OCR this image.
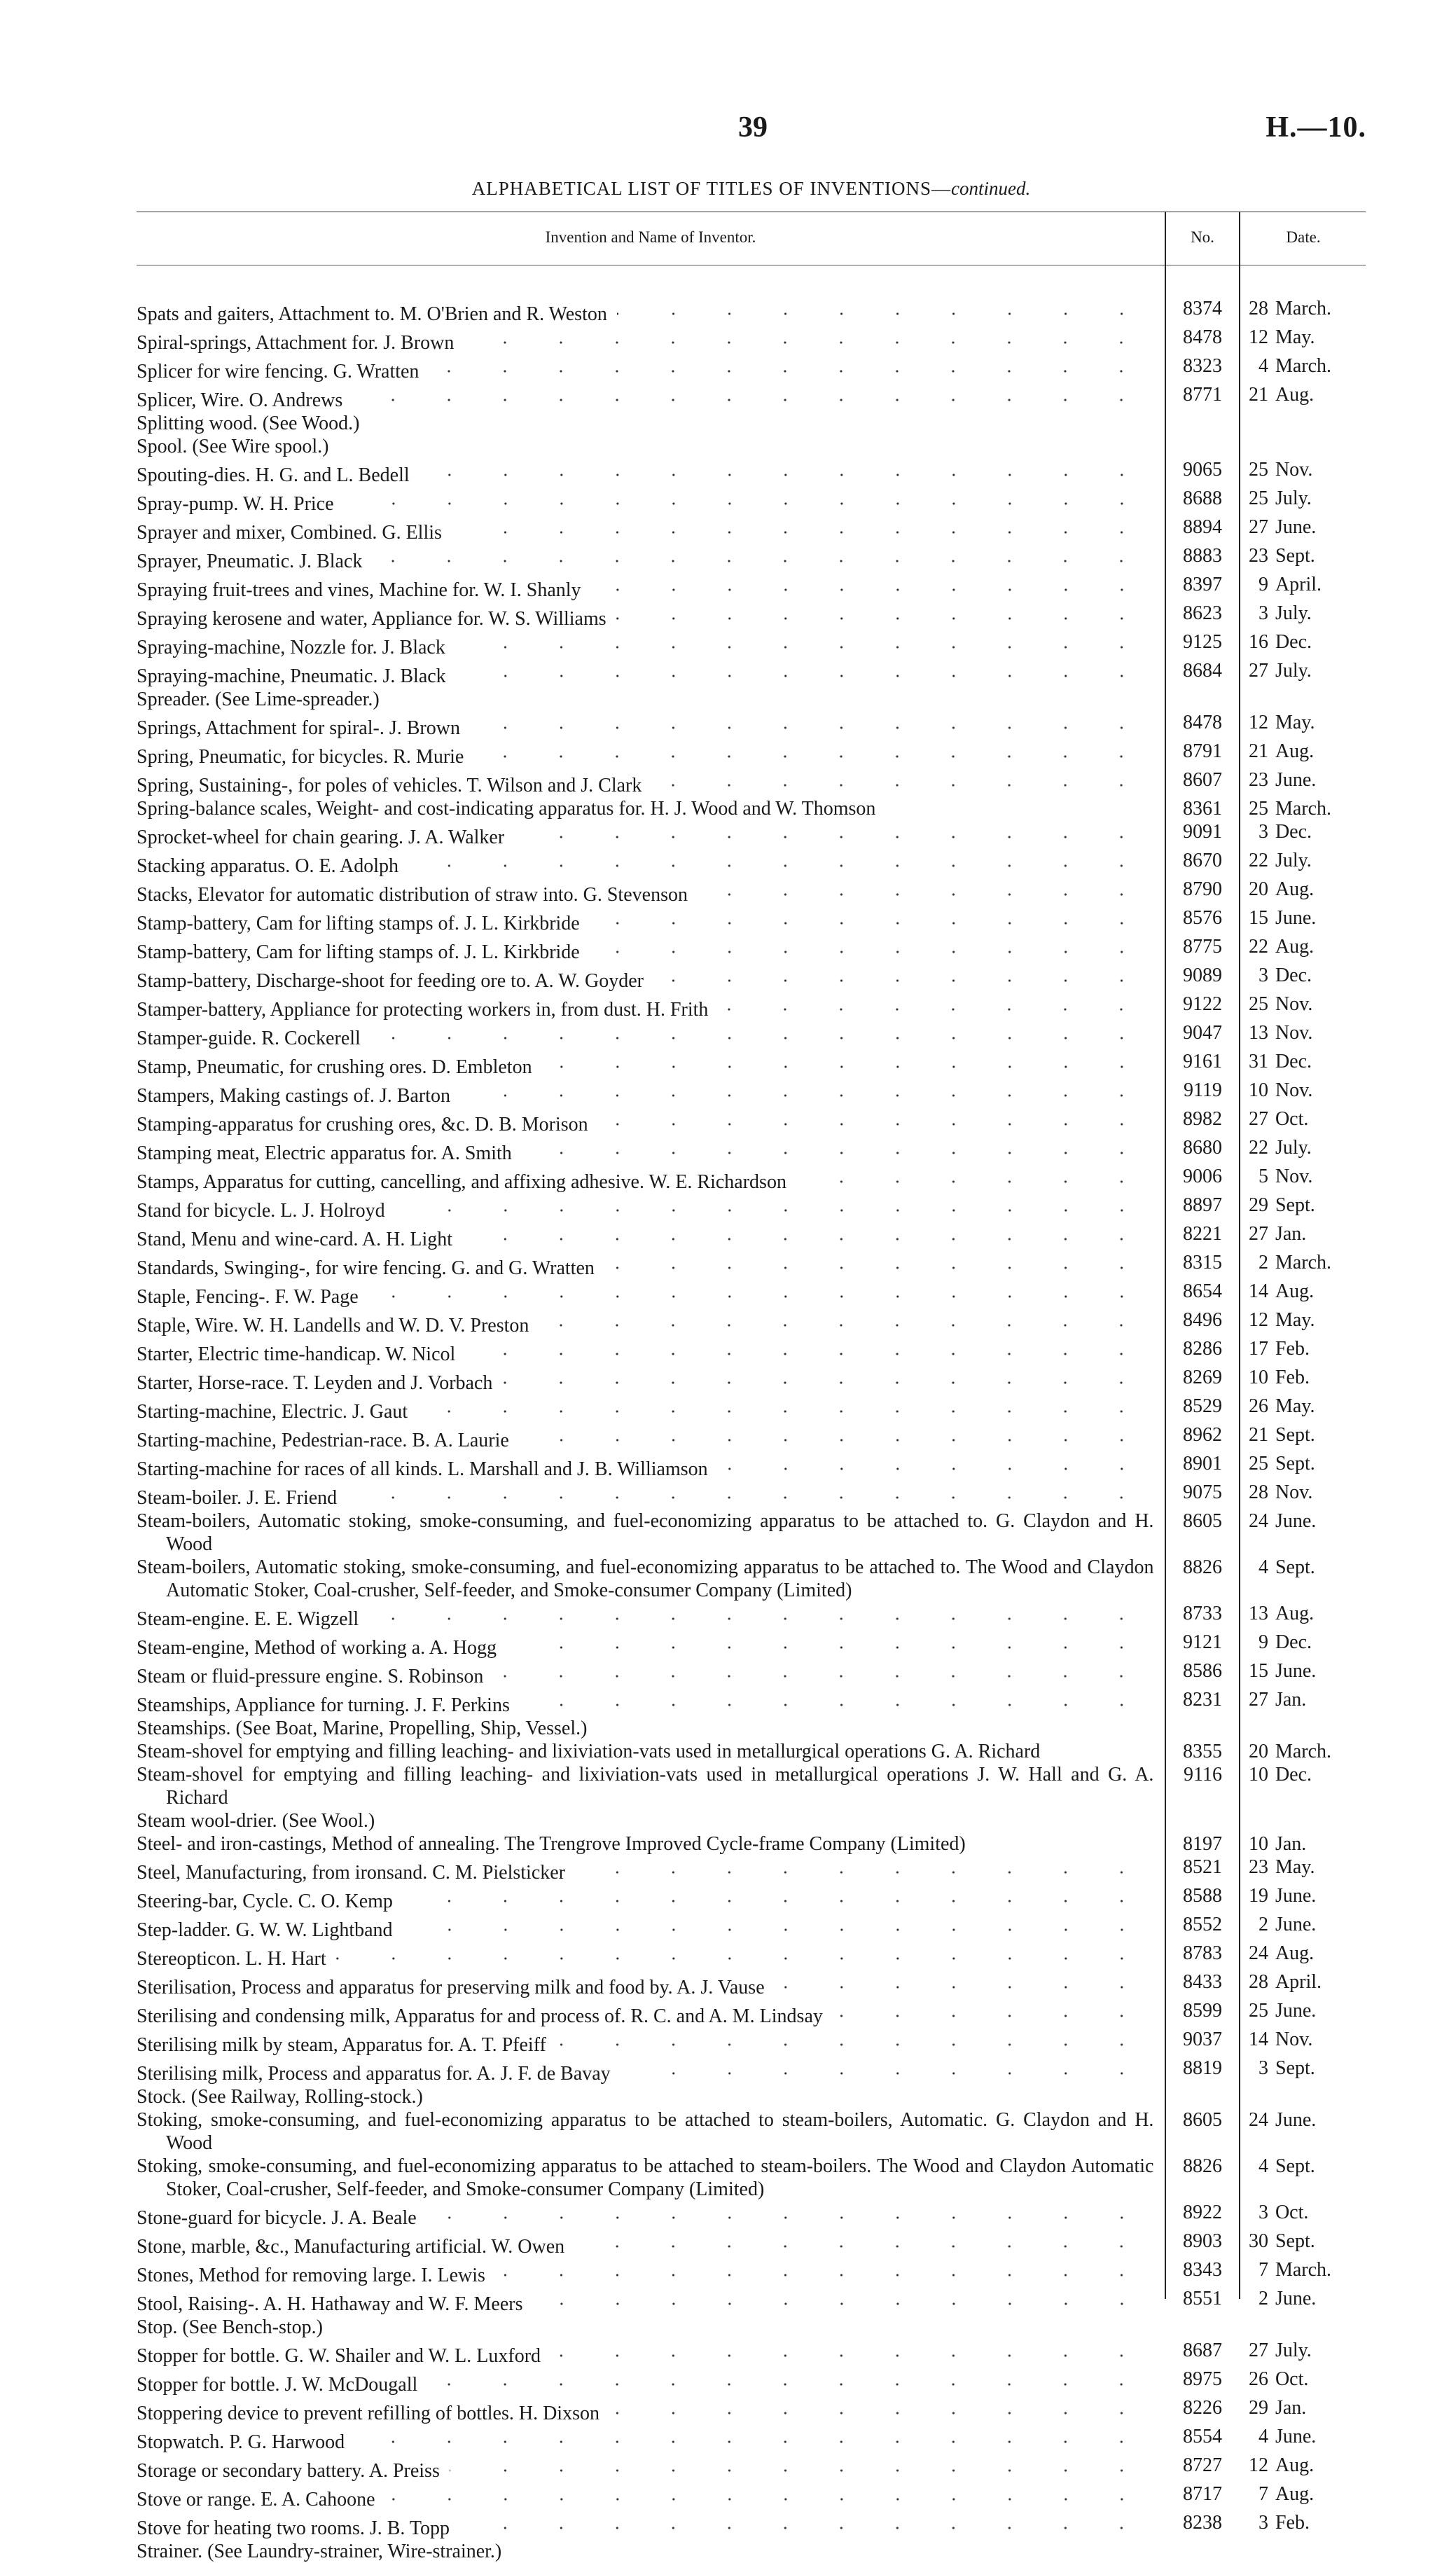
39	H.—10.
ALPHABETICAL LIST OF TITLES OF INVENTIONS—continued.
Invention and Name of Inventor.	No.	Date.
Spats and gaiters, Attachment to. M. O'Brien and R. Weston	8374	28 March.
Spiral-springs, Attachment for. J. Brown	8478	12 May.
Splicer for wire fencing. G. Wratten	8323	4 March.
Splicer, Wire. O. Andrews	8771	21 Aug.
Splitting wood. (See Wood.)
Spool. (See Wire spool.)
Spouting-dies. H. G. and L. Bedell	9065	25 Nov.
Spray-pump. W. H. Price	8688	25 July.
Sprayer and mixer, Combined. G. Ellis	8894	27 June.
Sprayer, Pneumatic. J. Black	8883	23 Sept.
Spraying fruit-trees and vines, Machine for. W. I. Shanly	8397	9 April.
Spraying kerosene and water, Appliance for. W. S. Williams	8623	3 July.
Spraying-machine, Nozzle for. J. Black	9125	16 Dec.
Spraying-machine, Pneumatic. J. Black	8684	27 July.
Spreader. (See Lime-spreader.)
Springs, Attachment for spiral-. J. Brown	8478	12 May.
Spring, Pneumatic, for bicycles. R. Murie	8791	21 Aug.
Spring, Sustaining-, for poles of vehicles. T. Wilson and J. Clark	8607	23 June.
Spring-balance scales, Weight- and cost-indicating apparatus for. H. J. Wood and W. Thomson	8361	25 March.
Sprocket-wheel for chain gearing. J. A. Walker	9091	3 Dec.
Stacking apparatus. O. E. Adolph	8670	22 July.
Stacks, Elevator for automatic distribution of straw into. G. Stevenson	8790	20 Aug.
Stamp-battery, Cam for lifting stamps of. J. L. Kirkbride	8576	15 June.
Stamp-battery, Cam for lifting stamps of. J. L. Kirkbride	8775	22 Aug.
Stamp-battery, Discharge-shoot for feeding ore to. A. W. Goyder	9089	3 Dec.
Stamper-battery, Appliance for protecting workers in, from dust. H. Frith	9122	25 Nov.
Stamper-guide. R. Cockerell	9047	13 Nov.
Stamp, Pneumatic, for crushing ores. D. Embleton	9161	31 Dec.
Stampers, Making castings of. J. Barton	9119	10 Nov.
Stamping-apparatus for crushing ores, &c. D. B. Morison	8982	27 Oct.
Stamping meat, Electric apparatus for. A. Smith	8680	22 July.
Stamps, Apparatus for cutting, cancelling, and affixing adhesive. W. E. Richardson	9006	5 Nov.
Stand for bicycle. L. J. Holroyd	8897	29 Sept.
Stand, Menu and wine-card. A. H. Light	8221	27 Jan.
Standards, Swinging-, for wire fencing. G. and G. Wratten	8315	2 March.
Staple, Fencing-. F. W. Page	8654	14 Aug.
Staple, Wire. W. H. Landells and W. D. V. Preston	8496	12 May.
Starter, Electric time-handicap. W. Nicol	8286	17 Feb.
Starter, Horse-race. T. Leyden and J. Vorbach	8269	10 Feb.
Starting-machine, Electric. J. Gaut	8529	26 May.
Starting-machine, Pedestrian-race. B. A. Laurie	8962	21 Sept.
Starting-machine for races of all kinds. L. Marshall and J. B. Williamson	8901	25 Sept.
Steam-boiler. J. E. Friend	9075	28 Nov.
Steam-boilers, Automatic stoking, smoke-consuming, and fuel-economizing apparatus to be attached to. G. Claydon and H. Wood
8605	24 June.
Steam-boilers, Automatic stoking, smoke-consuming, and fuel-economizing apparatus to be attached to. The Wood and Claydon Automatic Stoker, Coal-crusher, Self-feeder, and Smoke-consumer Company (Limited)
8826	4 Sept.
Steam-engine. E. E. Wigzell	8733	13 Aug.
Steam-engine, Method of working a. A. Hogg	9121	9 Dec.
Steam or fluid-pressure engine. S. Robinson	8586	15 June.
Steamships, Appliance for turning. J. F. Perkins	8231	27 Jan.
Steamships. (See Boat, Marine, Propelling, Ship, Vessel.)
Steam-shovel for emptying and filling leaching- and lixiviation-vats used in metallurgical operations G. A. Richard	8355	20 March.
Steam-shovel for emptying and filling leaching- and lixiviation-vats used in metallurgical operations J. W. Hall and G. A. Richard
9116	10 Dec.
Steam wool-drier. (See Wool.)
Steel- and iron-castings, Method of annealing. The Trengrove Improved Cycle-frame Company (Limited)	8197	10 Jan.
Steel, Manufacturing, from ironsand. C. M. Pielsticker	8521	23 May.
Steering-bar, Cycle. C. O. Kemp	8588	19 June.
Step-ladder. G. W. W. Lightband	8552	2 June.
Stereopticon. L. H. Hart	8783	24 Aug.
Sterilisation, Process and apparatus for preserving milk and food by. A. J. Vause	8433	28 April.
Sterilising and condensing milk, Apparatus for and process of. R. C. and A. M. Lindsay	8599	25 June.
Sterilising milk by steam, Apparatus for. A. T. Pfeiff	9037	14 Nov.
Sterilising milk, Process and apparatus for. A. J. F. de Bavay	8819	3 Sept.
Stock. (See Railway, Rolling-stock.)
Stoking, smoke-consuming, and fuel-economizing apparatus to be attached to steam-boilers, Automatic. G. Claydon and H. Wood
8605	24 June.
Stoking, smoke-consuming, and fuel-economizing apparatus to be attached to steam-boilers. The Wood and Claydon Automatic Stoker, Coal-crusher, Self-feeder, and Smoke-consumer Company (Limited)
8826	4 Sept.
Stone-guard for bicycle. J. A. Beale	8922	3 Oct.
Stone, marble, &c., Manufacturing artificial. W. Owen	8903	30 Sept.
Stones, Method for removing large. I. Lewis	8343	7 March.
Stool, Raising-. A. H. Hathaway and W. F. Meers	8551	2 June.
Stop. (See Bench-stop.)
Stopper for bottle. G. W. Shailer and W. L. Luxford	8687	27 July.
Stopper for bottle. J. W. McDougall	8975	26 Oct.
Stoppering device to prevent refilling of bottles. H. Dixson	8226	29 Jan.
Stopwatch. P. G. Harwood	8554	4 June.
Storage or secondary battery. A. Preiss	8727	12 Aug.
Stove or range. E. A. Cahoone	8717	7 Aug.
Stove for heating two rooms. J. B. Topp	8238	3 Feb.
Strainer. (See Laundry-strainer, Wire-strainer.)
